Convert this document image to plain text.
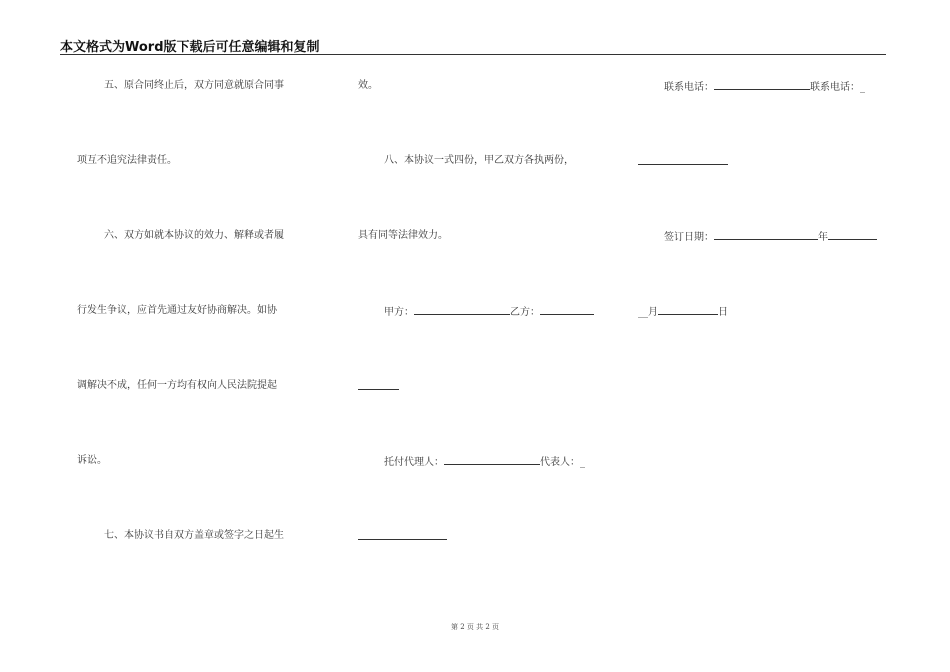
本文格式为Word版下载后可任意编辑和复制
五、原合同终止后，双方同意就原合同事
项互不追究法律责任。
六、双方如就本协议的效力、解释或者履
行发生争议，应首先通过友好协商解决。如协
调解决不成，任何一方均有权向人民法院提起
诉讼。
七、本协议书自双方盖章或签字之日起生
效。
八、本协议一式四份，甲乙双方各执两份，
具有同等法律效力。
甲方：	乙方：
托付代理人：	代表人：_
联系电话：	联系电话：_
签订日期：	年
__月	日
第 2 页 共 2 页
